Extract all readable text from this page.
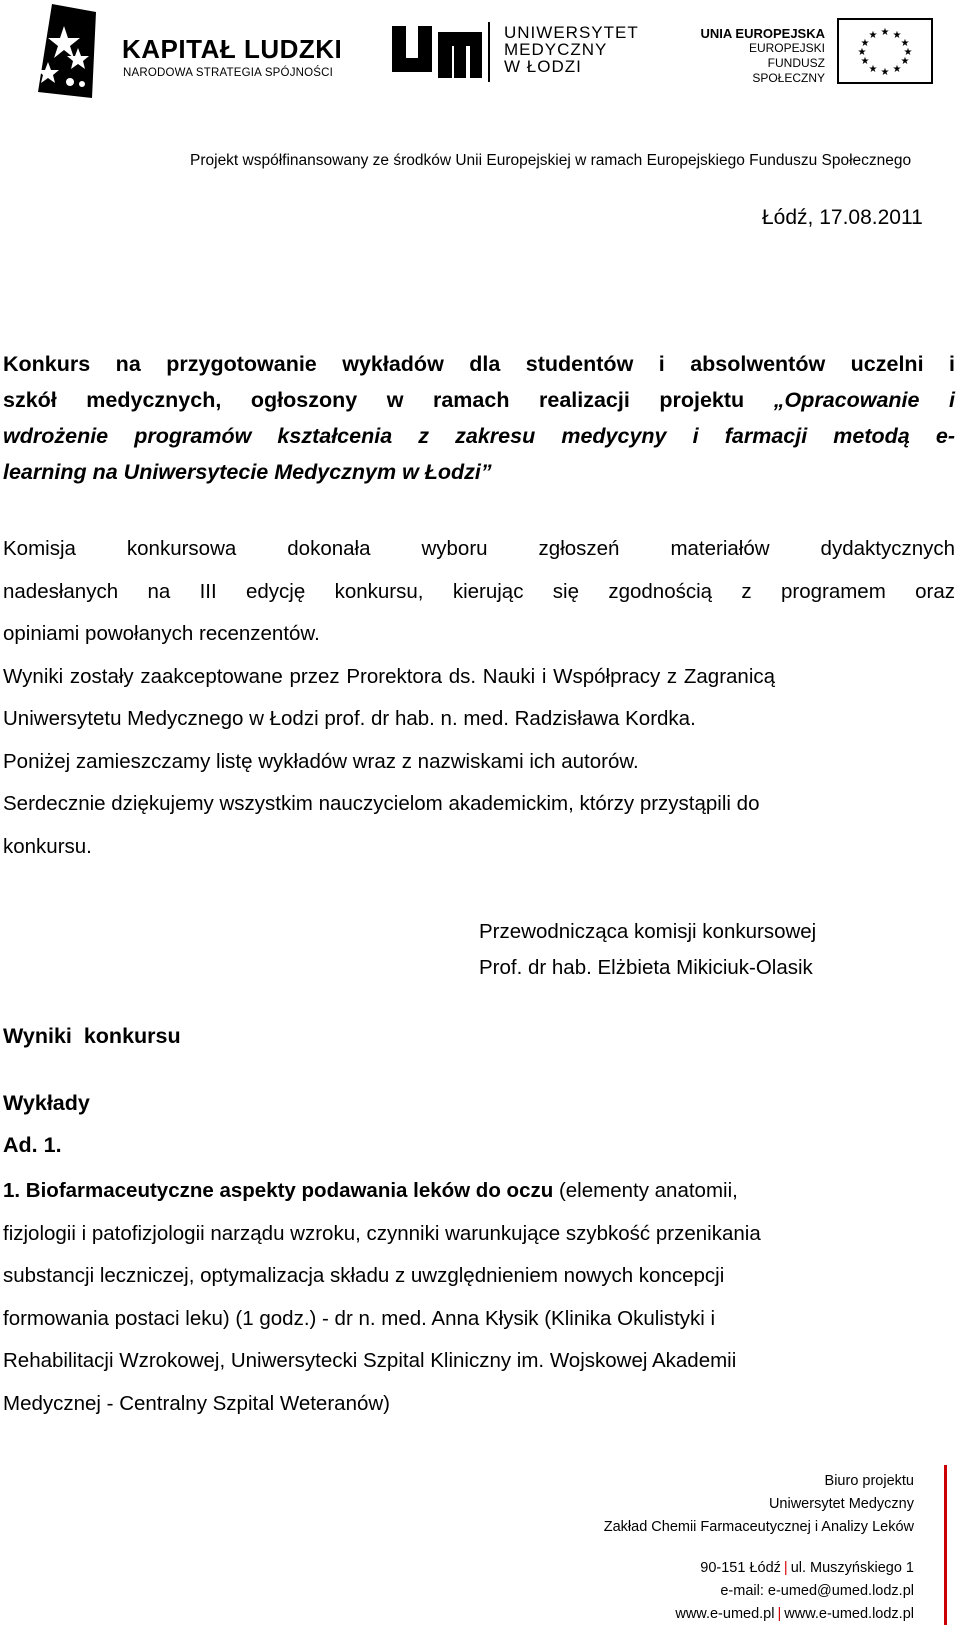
KAPITAŁ LUDZKI
NARODOWA STRATEGIA SPÓJNOŚCI
UNIWERSYTET
MEDYCZNY
W ŁODZI
UNIA EUROPEJSKA
EUROPEJSKI
FUNDUSZ SPOŁECZNY
★ ★
★
★
★
★
★
★
★
★
★
★
Projekt współfinansowany ze środków Unii Europejskiej w ramach Europejskiego Funduszu Społecznego
Łódź, 17.08.2011
Konkurs na przygotowanie wykładów dla studentów i absolwentów uczelni i
szkół medycznych, ogłoszony w ramach realizacji projektu „Opracowanie i
wdrożenie programów kształcenia z zakresu medycyny i farmacji metodą e-
learning na Uniwersytecie Medycznym w Łodzi”
Komisja konkursowa dokonała wyboru zgłoszeń materiałów dydaktycznych
nadesłanych na III edycję konkursu, kierując się zgodnością z programem oraz
opiniami powołanych recenzentów.
Wyniki zostały zaakceptowane przez Prorektora ds. Nauki i Współpracy z Zagranicą
Uniwersytetu Medycznego w Łodzi prof. dr hab. n. med. Radzisława Kordka.
Poniżej zamieszczamy listę wykładów wraz z nazwiskami ich autorów.
Serdecznie dziękujemy wszystkim nauczycielom akademickim, którzy przystąpili do
konkursu.
Przewodnicząca komisji konkursowej
Prof. dr hab. Elżbieta Mikiciuk-Olasik
Wyniki  konkursu
Wykłady
Ad. 1.
1. Biofarmaceutyczne aspekty podawania leków do oczu (elementy anatomii,
fizjologii i patofizjologii narządu wzroku, czynniki warunkujące szybkość przenikania
substancji leczniczej, optymalizacja składu z uwzględnieniem nowych koncepcji
formowania postaci leku) (1 godz.) - dr n. med. Anna Kłysik (Klinika Okulistyki i
Rehabilitacji Wzrokowej, Uniwersytecki Szpital Kliniczny im. Wojskowej Akademii
Medycznej - Centralny Szpital Weteranów)
Biuro projektu
Uniwersytet Medyczny
Zakład Chemii Farmaceutycznej i Analizy Leków
90-151 Łódź | ul. Muszyńskiego 1
e-mail: e-umed@umed.lodz.pl
www.e-umed.pl | www.e-umed.lodz.pl
